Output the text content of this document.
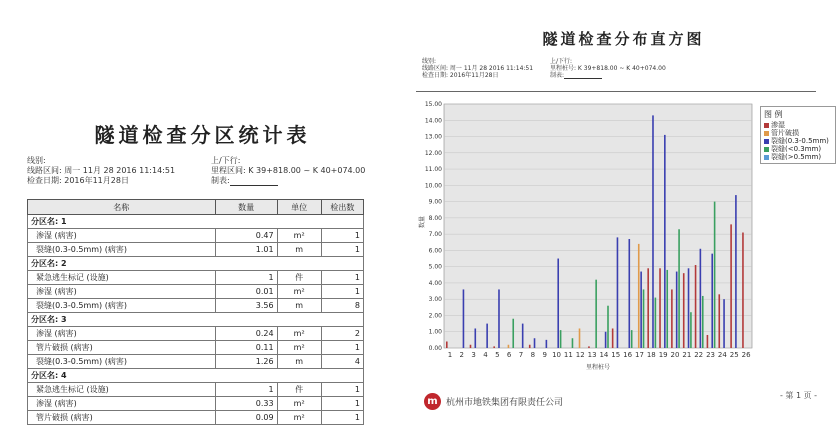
隧道检查分区统计表
线别:
线路区间: 周一 11月 28 2016 11:14:51
检查日期: 2016年11月28日
上/下行:
里程区间: K 39+818.00 ~ K 40+074.00
制表:
名称	数量	单位	检出数
分区名: 1			
渗湿 (病害)	0.47	m²	1
裂缝(0.3-0.5mm) (病害)	1.01	m	1
分区名: 2			
紧急逃生标记 (设施)	1	件	1
渗湿 (病害)	0.01	m²	1
裂缝(0.3-0.5mm) (病害)	3.56	m	8
分区名: 3			
渗湿 (病害)	0.24	m²	2
管片破损 (病害)	0.11	m²	1
裂缝(0.3-0.5mm) (病害)	1.26	m	4
分区名: 4			
紧急逃生标记 (设施)	1	件	1
渗湿 (病害)	0.33	m²	1
管片破损 (病害)	0.09	m²	1
隧道检查分布直方图
线别:
线路区间: 周一 11月 28 2016 11:14:51
检查日期: 2016年11月28日
上/下行:
里程桩号: K 39+818.00 ~ K 40+074.00
制表:
0.00
1.00
2.00
3.00
4.00
5.00
6.00
7.00
8.00
9.00
10.00
11.00
12.00
13.00
14.00
15.00
1 2 3 4 5 6 7 8 9 10 11 12 13 14 15 16 17 18 19 20 21 22 23 24 25 26
里程桩号
数量
图 例
渗湿
管片破损
裂缝(0.3-0.5mm)
裂缝(<0.3mm)
裂缝(>0.5mm)
m 杭州市地铁集团有限责任公司
- 第 1 页 -
